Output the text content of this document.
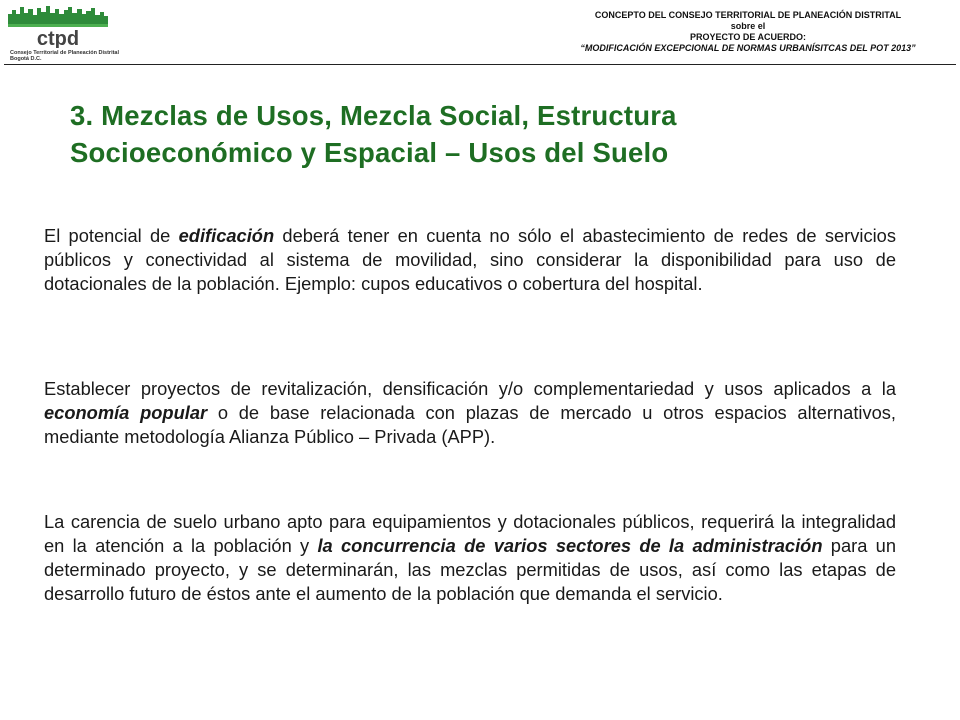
ctpd
Consejo Territorial de Planeación Distrital
Bogotá D.C.
CONCEPTO DEL CONSEJO TERRITORIAL DE PLANEACIÓN DISTRITAL
sobre el
PROYECTO DE ACUERDO:
“MODIFICACIÓN EXCEPCIONAL DE NORMAS URBANÍSITCAS DEL POT 2013”
3. Mezclas de Usos, Mezcla Social, Estructura Socioeconómico y Espacial – Usos del Suelo
El potencial de edificación deberá tener en cuenta no sólo el abastecimiento de redes de servicios públicos y conectividad al sistema de movilidad, sino considerar la disponibilidad para uso de dotacionales de la población. Ejemplo: cupos educativos o cobertura del hospital.
Establecer proyectos de revitalización, densificación y/o complementariedad y usos aplicados a la economía popular o de base relacionada con plazas de mercado u otros espacios alternativos, mediante metodología Alianza Público – Privada (APP).
La carencia de suelo urbano apto para equipamientos y dotacionales públicos, requerirá la integralidad en la atención a la población y la concurrencia de varios sectores de la administración para un determinado proyecto, y se determinarán, las mezclas permitidas de usos, así como las etapas de desarrollo futuro de éstos ante el aumento de la población que demanda el servicio.
